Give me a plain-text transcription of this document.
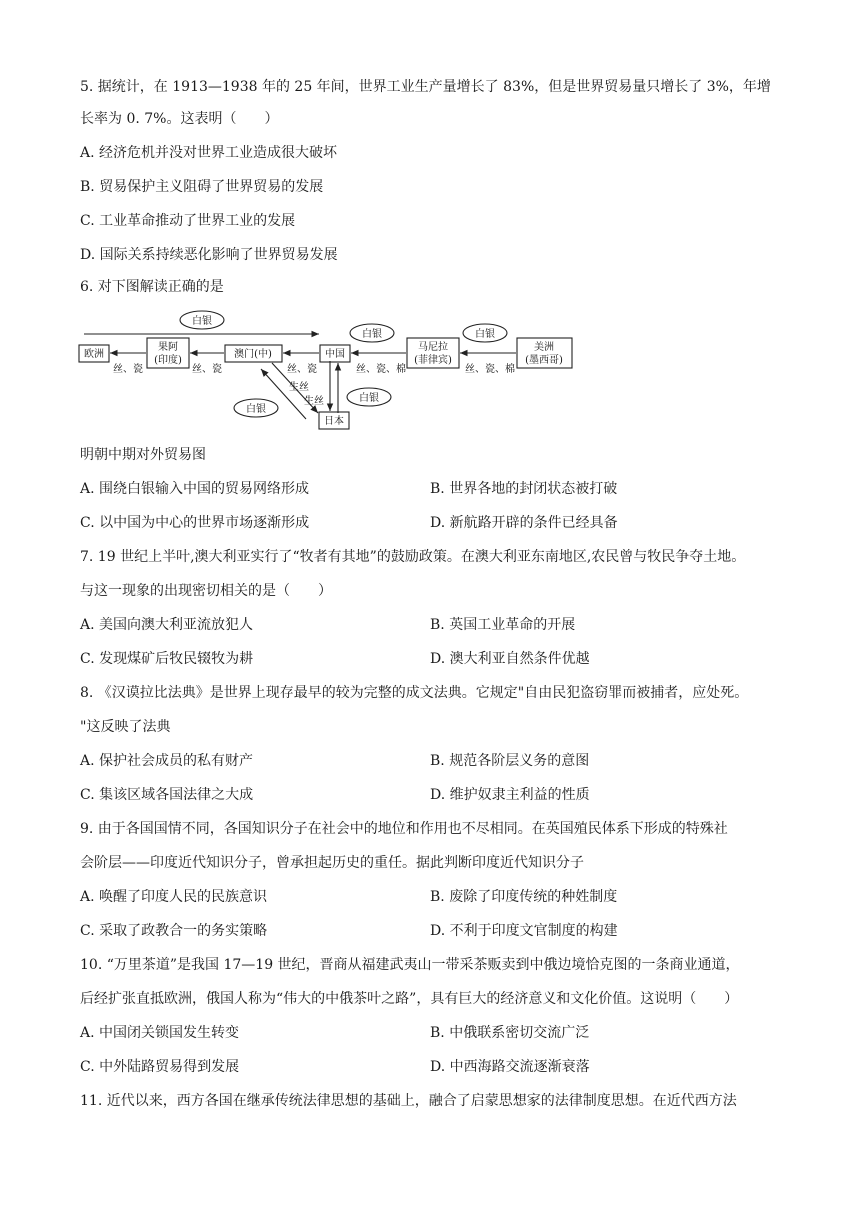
5. 据统计，在 1913—1938 年的 25 年间，世界工业生产量增长了 83%，但是世界贸易量只增长了 3%，年增
长率为 0. 7%。这表明（　　）
A. 经济危机并没对世界工业造成很大破坏
B. 贸易保护主义阻碍了世界贸易的发展
C. 工业革命推动了世界工业的发展
D. 国际关系持续恶化影响了世界贸易发展
6. 对下图解读正确的是
欧洲
果阿
(印度)
澳门(中)	中国
马尼拉
(菲律宾)
美洲
(墨西哥)
日本
白银
白银	白银
白银
白银
丝、瓷	丝、瓷	丝、瓷	丝、瓷、棉	丝、瓷、棉
生丝
生丝
明朝中期对外贸易图
A. 围绕白银输入中国的贸易网络形成	B. 世界各地的封闭状态被打破
C. 以中国为中心的世界市场逐渐形成	D. 新航路开辟的条件已经具备
7. 19 世纪上半叶,澳大利亚实行了“牧者有其地”的鼓励政策。在澳大利亚东南地区,农民曾与牧民争夺土地。
与这一现象的出现密切相关的是（　　）
A. 美国向澳大利亚流放犯人	B. 英国工业革命的开展
C. 发现煤矿后牧民辍牧为耕	D. 澳大利亚自然条件优越
8. 《汉谟拉比法典》是世界上现存最早的较为完整的成文法典。它规定"自由民犯盗窃罪而被捕者，应处死。
"这反映了法典
A. 保护社会成员的私有财产	B. 规范各阶层义务的意图
C. 集该区域各国法律之大成	D. 维护奴隶主利益的性质
9. 由于各国国情不同，各国知识分子在社会中的地位和作用也不尽相同。在英国殖民体系下形成的特殊社
会阶层——印度近代知识分子，曾承担起历史的重任。据此判断印度近代知识分子
A. 唤醒了印度人民的民族意识	B. 废除了印度传统的种姓制度
C. 采取了政教合一的务实策略	D. 不利于印度文官制度的构建
10. “万里茶道”是我国 17—19 世纪，晋商从福建武夷山一带采茶贩卖到中俄边境恰克图的一条商业通道，
后经扩张直抵欧洲，俄国人称为“伟大的中俄茶叶之路”，具有巨大的经济意义和文化价值。这说明（　　）
A. 中国闭关锁国发生转变	B. 中俄联系密切交流广泛
C. 中外陆路贸易得到发展	D. 中西海路交流逐渐衰落
11. 近代以来，西方各国在继承传统法律思想的基础上，融合了启蒙思想家的法律制度思想。在近代西方法
